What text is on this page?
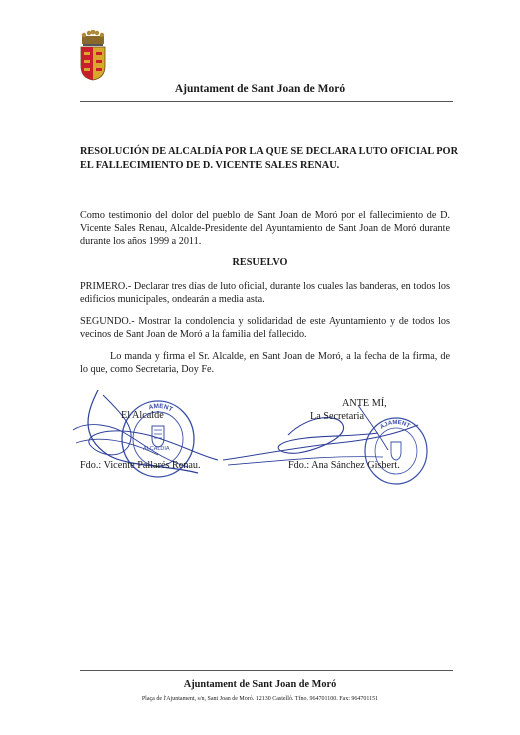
Ajuntament de Sant Joan de Moró
RESOLUCIÓN DE ALCALDÍA POR LA QUE SE DECLARA LUTO OFICIAL POR EL FALLECIMIENTO DE D. VICENTE SALES RENAU.
Como testimonio del dolor del pueblo de Sant Joan de Moró por el fallecimiento de D. Vicente Sales Renau, Alcalde-Presidente del Ayuntamiento de Sant Joan de Moró durante durante los años 1999 a 2011.
RESUELVO
PRIMERO.- Declarar tres días de luto oficial, durante los cuales las banderas, en todos los edificios municipales, ondearán a media asta.
SEGUNDO.- Mostrar la condolencia y solidaridad de este Ayuntamiento y de todos los vecinos de Sant Joan de Moró a la familia del fallecido.
Lo manda y firma el Sr. Alcalde, en Sant Joan de Moró, a la fecha de la firma, de lo que, como Secretaria, Doy Fe.
AMENT
ALCALDIA
El Alcalde
Fdo.: Vicente Pallarés Renau.
AJAMENT
ANTE MÍ,
La Secretaria
Fdo.: Ana Sánchez Gisbert.
Ajuntament de Sant Joan de Moró
Plaça de l'Ajuntament, s/n, Sant Joan de Moró. 12130 Castelló. Tfno. 964701100. Fax: 964701151
